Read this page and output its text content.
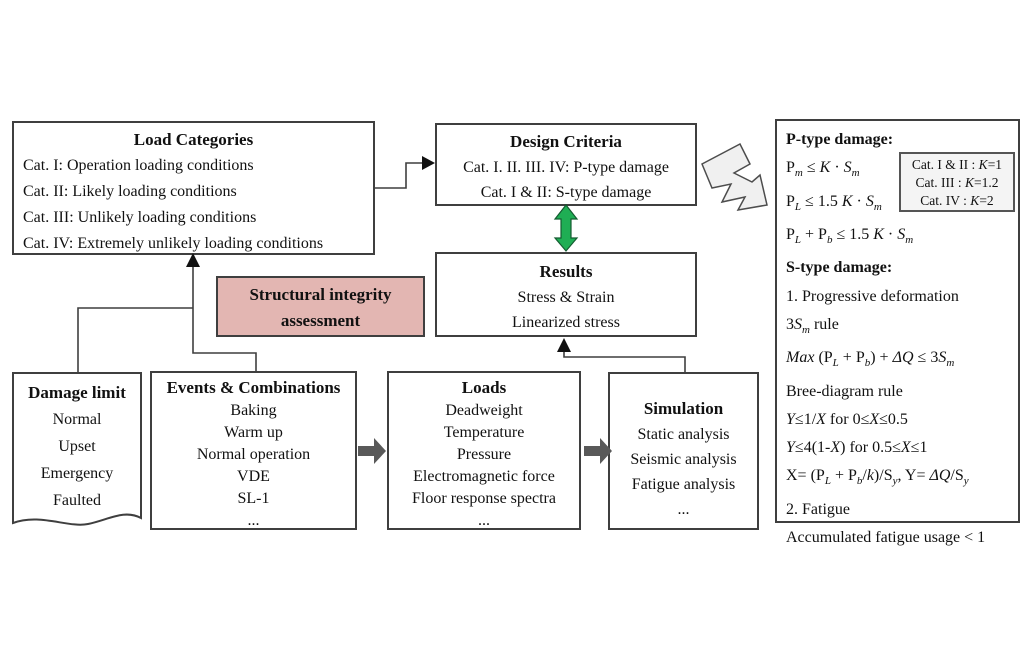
Load Categories
Cat. I: Operation loading conditions
Cat. II: Likely loading conditions
Cat. III: Unlikely loading conditions
Cat. IV: Extremely unlikely loading conditions
Design Criteria
Cat. I. II. III. IV: P-type damage
Cat. I & II: S-type damage
Results
Stress & Strain
Linearized stress
Structural integrity
assessment
Damage limit
Normal
Upset
Emergency
Faulted
Events & Combinations
Baking
Warm up
Normal operation
VDE
SL-1
...
Loads
Deadweight
Temperature
Pressure
Electromagnetic force
Floor response spectra
...
Simulation
Static analysis
Seismic analysis
Fatigue analysis
...
P-type damage:
$P_m \le K \cdot S_m$
$P_L \le 1.5$ $K \cdot S_m$
$P_L + P_b \le 1.5$ $K \cdot S_m$
S-type damage:
1. Progressive deformation
$3S_m$ rule
Max $(P_L + P_b) + \Delta Q \le 3S_m$
Bree-diagram rule
Y≤1/X for 0≤X≤0.5
Y≤4(1-X) for 0.5≤X≤1
$X= (P_L + P_b/k)/S_y$, $Y= \Delta Q/S_y$
2. Fatigue
Accumulated fatigue usage < 1
Cat. I & II : K=1
Cat. III : K=1.2
Cat. IV : K=2
